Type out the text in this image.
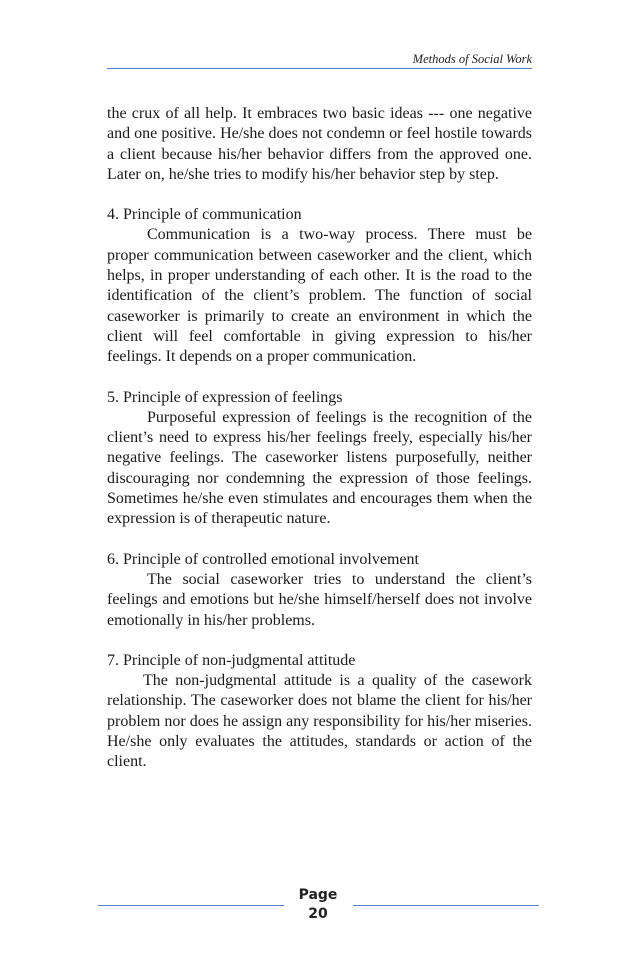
Methods of Social Work

the crux of all help. It embraces two basic ideas --- one negative and one positive. He/she does not condemn or feel hostile towards a client because his/her behavior differs from the approved one. Later on, he/she tries to modify his/her behavior step by step.

4. Principle of communication

Communication is a two-way process. There must be proper communication between caseworker and the client, which helps, in proper understanding of each other. It is the road to the identification of the client’s problem. The function of social caseworker is primarily to create an environment in which the client will feel comfortable in giving expression to his/her feelings. It depends on a proper communication.

5. Principle of expression of feelings

Purposeful expression of feelings is the recognition of the client’s need to express his/her feelings freely, especially his/her negative feelings. The caseworker listens purposefully, neither discouraging nor condemning the expression of those feelings. Sometimes he/she even stimulates and encourages them when the expression is of therapeutic nature.

6. Principle of controlled emotional involvement

The social caseworker tries to understand the client’s feelings and emotions but he/she himself/herself does not involve emotionally in his/her problems.

7. Principle of non-judgmental attitude

The non-judgmental attitude is a quality of the casework relationship. The caseworker does not blame the client for his/her problem nor does he assign any responsibility for his/her miseries. He/she only evaluates the attitudes, standards or action of the client.

Page
20
